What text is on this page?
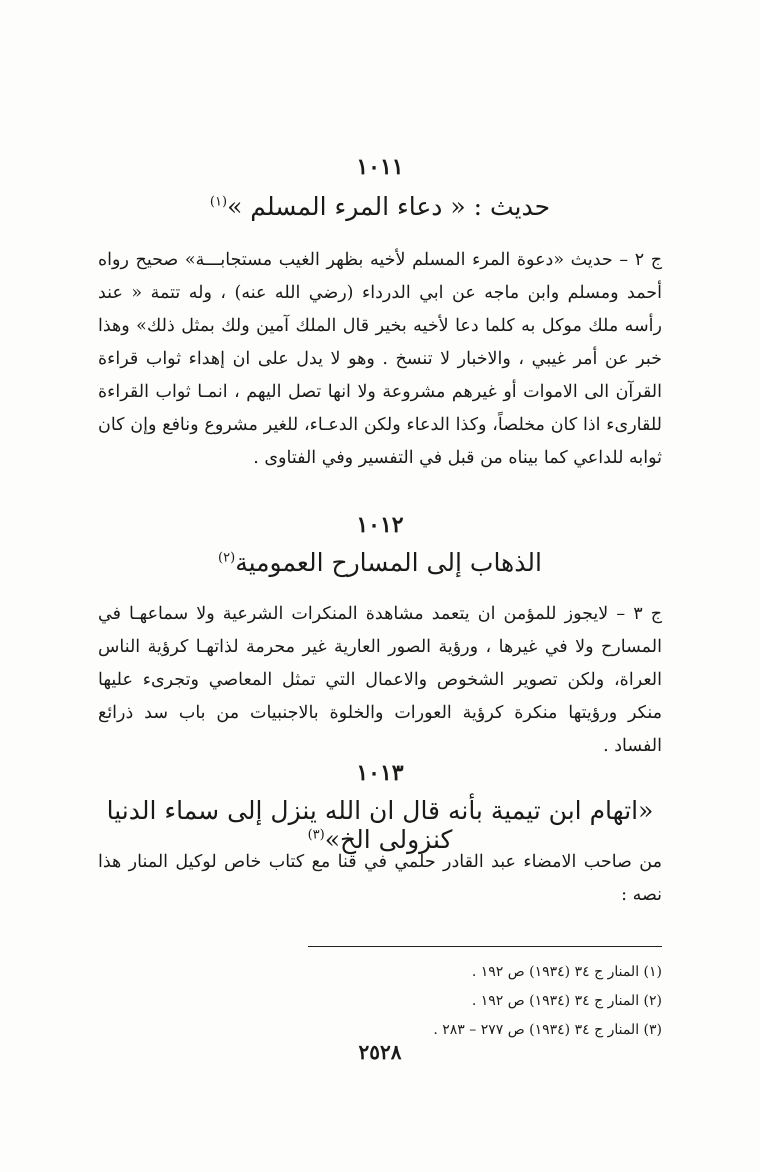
١٠١١
حديث : « دعاء المرء المسلم »$^{(١)}$
ج ٢ – حديث «دعوة المرء المسلم لأخيه بظهر الغيب مستجابـــة» صحيح رواه أحمد ومسلم وابن ماجه عن ابي الدرداء (رضي الله عنه) ، وله تتمة « عند رأسه ملك موكل به كلما دعا لأخيه بخير قال الملك آمين ولك بمثل ذلك» وهذا خبر عن أمر غيبي ، والاخبار لا تنسخ . وهو لا يدل على ان إهداء ثواب قراءة القرآن الى الاموات أو غيرهم مشروعة ولا انها تصل اليهم ، انمـا ثواب القراءة للقارىء اذا كان مخلصاً، وكذا الدعاء ولكن الدعـاء، للغير مشروع ونافع وإن كان ثوابه للداعي كما بيناه من قبل في التفسير وفي الفتاوى .
١٠١٢
الذهاب إلى المسارح العمومية$^{(٢)}$
ج ٣ – لايجوز للمؤمن ان يتعمد مشاهدة المنكرات الشرعية ولا سماعهـا في المسارح ولا في غيرها ، ورؤية الصور العارية غير محرمة لذاتهـا كرؤية الناس العراة، ولكن تصوير الشخوص والاعمال التي تمثل المعاصي وتجرىء عليها منكر ورؤيتها منكرة كرؤية العورات والخلوة بالاجنبيات من باب سد ذرائع الفساد .
١٠١٣
«اتهام ابن تيمية بأنه قال ان الله ينزل إلى سماء الدنيا كنزولى الخ»$^{(٣)}$
من صاحب الامضاء عبد القادر حلمي في قنا مع كتاب خاص لوكيل المنار هذا نصه :
(١) المنار ج ٣٤ (١٩٣٤) ص ١٩٢ .
(٢) المنار ج ٣٤ (١٩٣٤) ص ١٩٢ .
(٣) المنار ج ٣٤ (١٩٣٤) ص ٢٧٧ – ٢٨٣ .
٢٥٢٨
